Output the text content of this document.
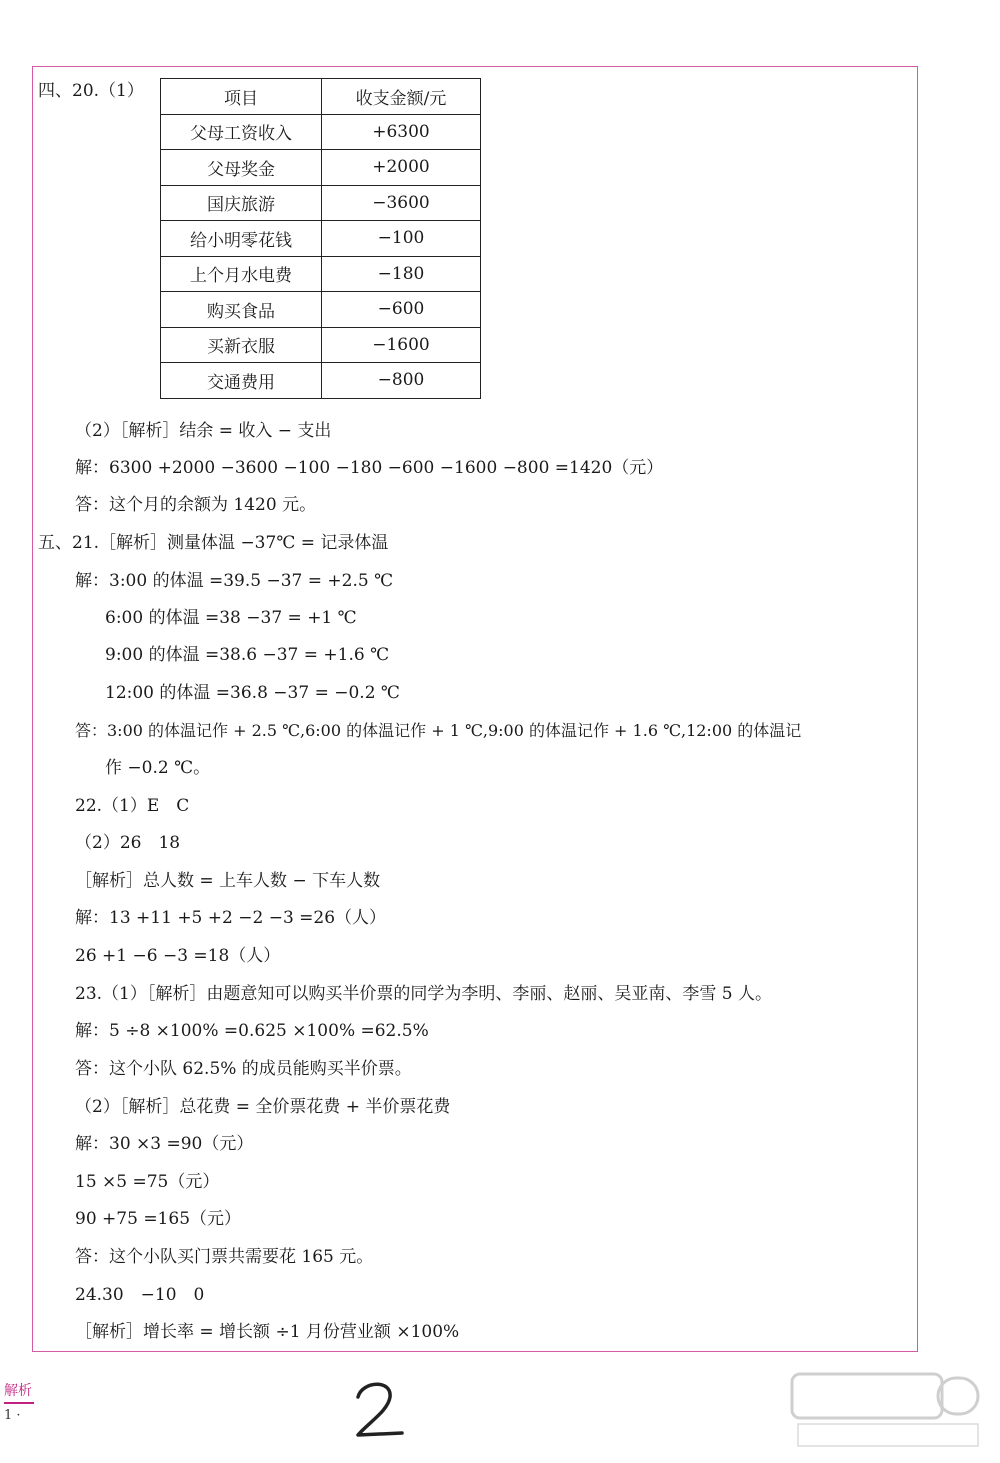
四、20.（1）	项目	收支金额/元
父母工资收入	+6300
父母奖金	+2000
国庆旅游	−3600
给小明零花钱	−100
上个月水电费	−180
购买食品	−600
买新衣服	−1600
交通费用	−800
（2）［解析］结余 = 收入 − 支出
解：6300 +2000 −3600 −100 −180 −600 −1600 −800 =1420（元）
答：这个月的余额为 1420 元。
五、21.［解析］测量体温 −37℃ = 记录体温
解：3:00 的体温 =39.5 −37 = +2.5 ℃
6:00 的体温 =38 −37 = +1 ℃
9:00 的体温 =38.6 −37 = +1.6 ℃
12:00 的体温 =36.8 −37 = −0.2 ℃
答：3:00 的体温记作 + 2.5 ℃,6:00 的体温记作 + 1 ℃,9:00 的体温记作 + 1.6 ℃,12:00 的体温记
作 −0.2 ℃。
22.（1）E　C
（2）26　18
［解析］总人数 = 上车人数 − 下车人数
解：13 +11 +5 +2 −2 −3 =26（人）
26 +1 −6 −3 =18（人）
23.（1）［解析］由题意知可以购买半价票的同学为李明、李丽、赵丽、吴亚南、李雪 5 人。
解：5 ÷8 ×100% =0.625 ×100% =62.5%
答：这个小队 62.5% 的成员能购买半价票。
（2）［解析］总花费 = 全价票花费 + 半价票花费
解：30 ×3 =90（元）
15 ×5 =75（元）
90 +75 =165（元）
答：这个小队买门票共需要花 165 元。
24.30　−10　0
［解析］增长率 = 增长额 ÷1 月份营业额 ×100%
解析
1 ·
